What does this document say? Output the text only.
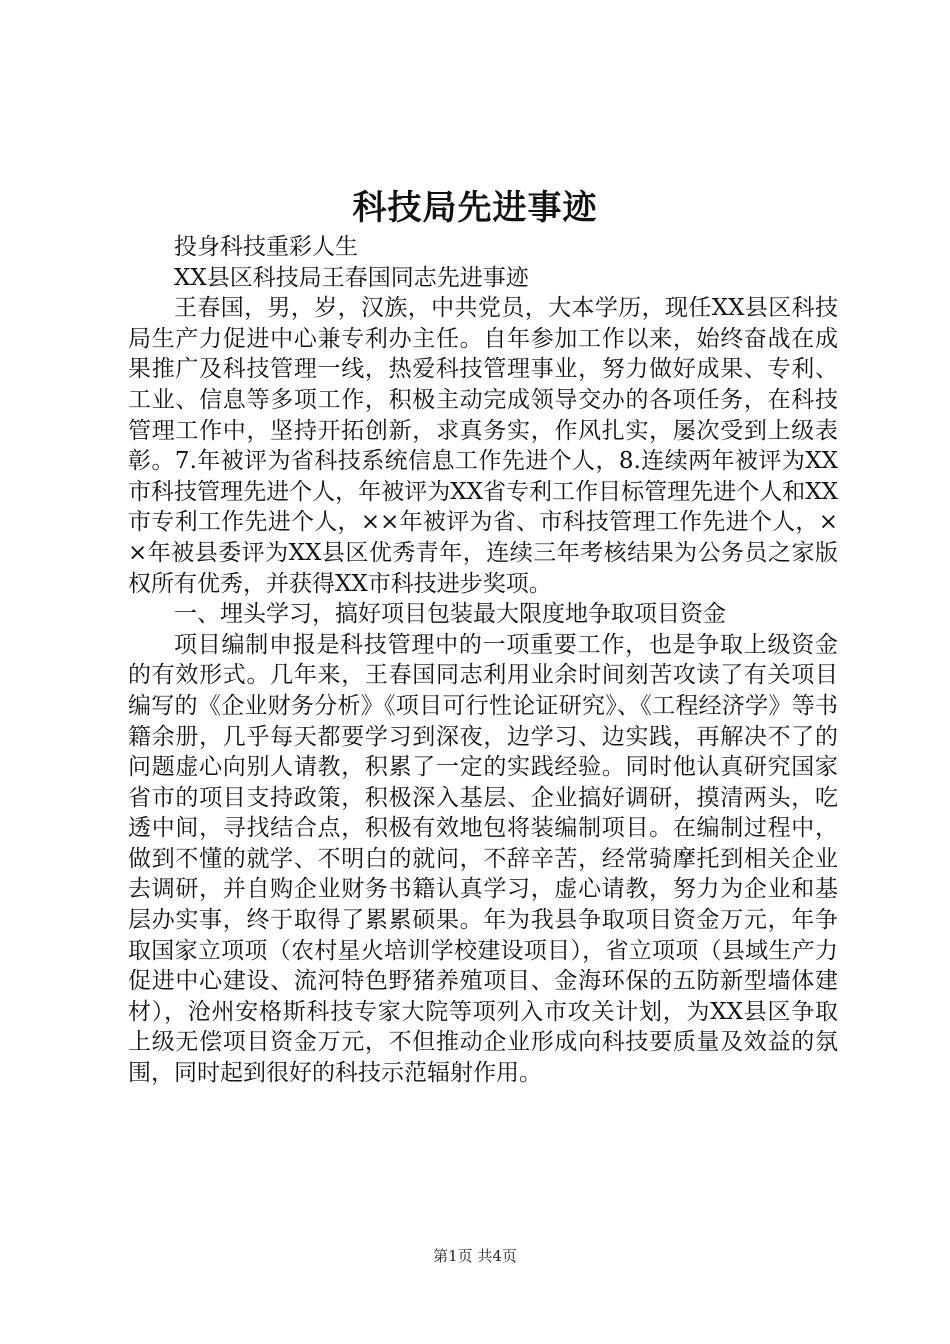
科技局先进事迹

投身科技重彩人生

XX县区科技局王春国同志先进事迹

王春国，男，岁，汉族，中共党员，大本学历，现任XX县区科技局生产力促进中心兼专利办主任。自年参加工作以来，始终奋战在成果推广及科技管理一线，热爱科技管理事业，努力做好成果、专利、工业、信息等多项工作，积极主动完成领导交办的各项任务，在科技管理工作中，坚持开拓创新，求真务实，作风扎实，屡次受到上级表彰。7.年被评为省科技系统信息工作先进个人，8.连续两年被评为XX市科技管理先进个人，年被评为XX省专利工作目标管理先进个人和XX市专利工作先进个人，××年被评为省、市科技管理工作先进个人，××年被县委评为XX县区优秀青年，连续三年考核结果为公务员之家版权所有优秀，并获得XX市科技进步奖项。

一、埋头学习，搞好项目包装最大限度地争取项目资金

项目编制申报是科技管理中的一项重要工作，也是争取上级资金的有效形式。几年来，王春国同志利用业余时间刻苦攻读了有关项目编写的《企业财务分析》《项目可行性论证研究》、《工程经济学》等书籍余册，几乎每天都要学习到深夜，边学习、边实践，再解决不了的问题虚心向别人请教，积累了一定的实践经验。同时他认真研究国家省市的项目支持政策，积极深入基层、企业搞好调研，摸清两头，吃透中间，寻找结合点，积极有效地包将装编制项目。在编制过程中，做到不懂的就学、不明白的就问，不辞辛苦，经常骑摩托到相关企业去调研，并自购企业财务书籍认真学习，虚心请教，努力为企业和基层办实事，终于取得了累累硕果。年为我县争取项目资金万元，年争取国家立项项（农村星火培训学校建设项目），省立项项（县域生产力促进中心建设、流河特色野猪养殖项目、金海环保的五防新型墙体建材），沧州安格斯科技专家大院等项列入市攻关计划，为XX县区争取上级无偿项目资金万元，不但推动企业形成向科技要质量及效益的氛围，同时起到很好的科技示范辐射作用。

第1页 共4页
